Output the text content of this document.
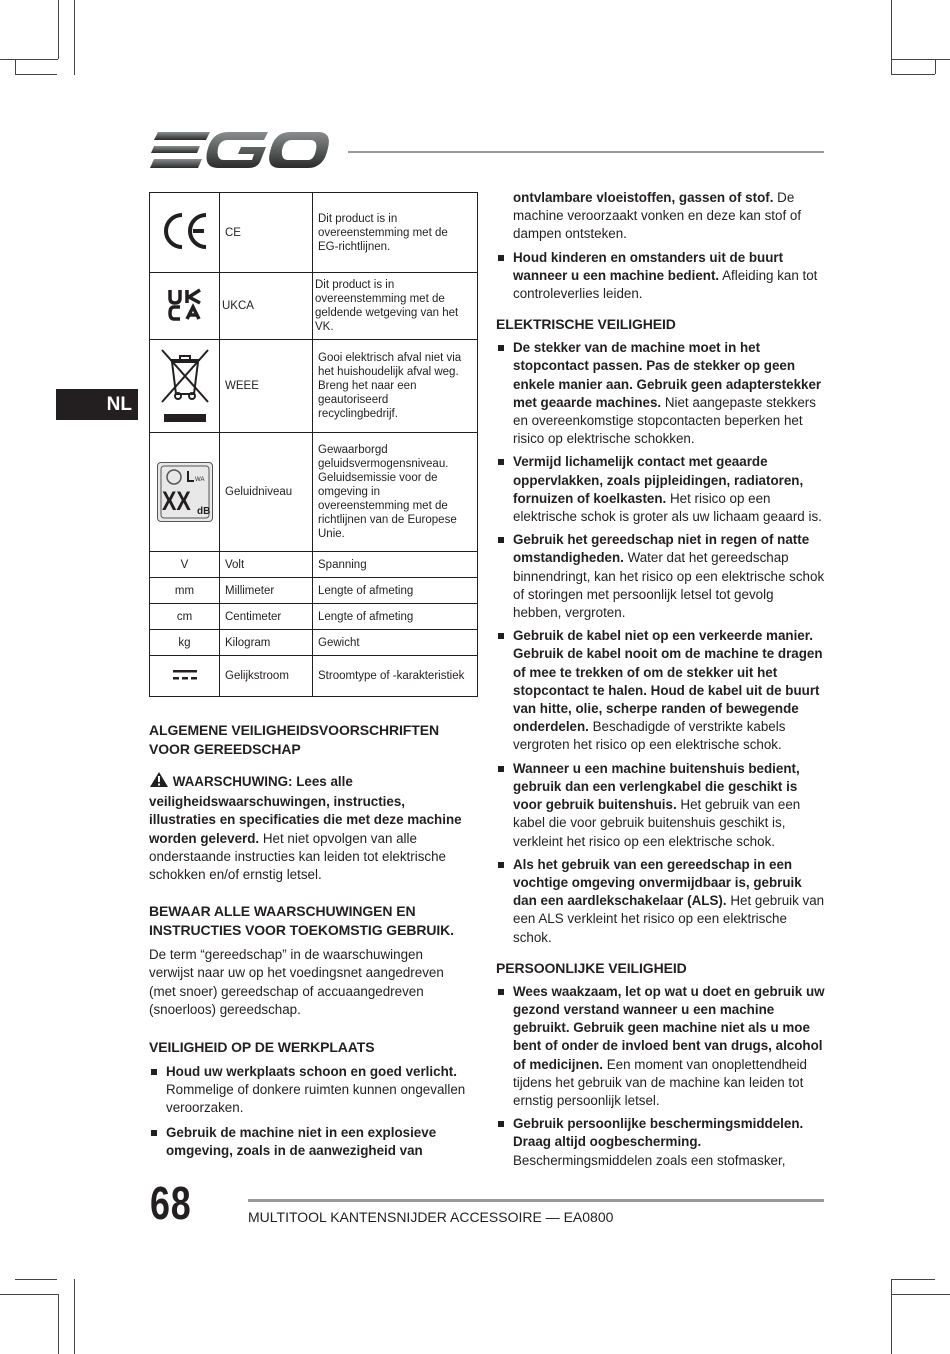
NL
	CE	Dit product is in overeenstemming met de EG-richtlijnen.
	UKCA	Dit product is in overeenstemming met de geldende wetgeving van het VK.
	WEEE	Gooi elektrisch afval niet via het huishoudelijk afval weg. Breng het naar een geautoriseerd recyclingbedrijf.

WA
dB
XX	Geluidniveau	Gewaarborgd geluidsvermogensniveau. Geluidsemissie voor de omgeving in overeenstemming met de richtlijnen van de Europese Unie.
V	Volt	Spanning
mm	Millimeter	Lengte of afmeting
cm	Centimeter	Lengte of afmeting
kg	Kilogram	Gewicht
	Gelijkstroom	Stroomtype of -karakteristiek
ALGEMENE VEILIGHEIDSVOORSCHRIFTEN VOOR GEREEDSCHAP

WAARSCHUWING: Lees alle veiligheidswaarschuwingen, instructies, illustraties en specificaties die met deze machine worden geleverd. Het niet opvolgen van alle onderstaande instructies kan leiden tot elektrische schokken en/of ernstig letsel.

BEWAAR ALLE WAARSCHUWINGEN EN INSTRUCTIES VOOR TOEKOMSTIG GEBRUIK.

De term “gereedschap” in de waarschuwingen verwijst naar uw op het voedingsnet aangedreven (met snoer) gereedschap of accuaangedreven (snoerloos) gereedschap.

VEILIGHEID OP DE WERKPLAATS
Houd uw werkplaats schoon en goed verlicht. Rommelige of donkere ruimten kunnen ongevallen veroorzaken.
Gebruik de machine niet in een explosieve omgeving, zoals in de aanwezigheid van

ontvlambare vloeistoffen, gassen of stof. De machine veroorzaakt vonken en deze kan stof of dampen ontsteken.

Houd kinderen en omstanders uit de buurt wanneer u een machine bedient. Afleiding kan tot controleverlies leiden.
ELEKTRISCHE VEILIGHEID
De stekker van de machine moet in het stopcontact passen. Pas de stekker op geen enkele manier aan. Gebruik geen adapterstekker met geaarde machines. Niet aangepaste stekkers en overeenkomstige stopcontacten beperken het risico op elektrische schokken.
Vermijd lichamelijk contact met geaarde oppervlakken, zoals pijpleidingen, radiatoren, fornuizen of koelkasten. Het risico op een elektrische schok is groter als uw lichaam geaard is.
Gebruik het gereedschap niet in regen of natte omstandigheden. Water dat het gereedschap binnendringt, kan het risico op een elektrische schok of storingen met persoonlijk letsel tot gevolg hebben, vergroten.
Gebruik de kabel niet op een verkeerde manier. Gebruik de kabel nooit om de machine te dragen of mee te trekken of om de stekker uit het stopcontact te halen. Houd de kabel uit de buurt van hitte, olie, scherpe randen of bewegende onderdelen. Beschadigde of verstrikte kabels vergroten het risico op een elektrische schok.
Wanneer u een machine buitenshuis bedient, gebruik dan een verlengkabel die geschikt is voor gebruik buitenshuis. Het gebruik van een kabel die voor gebruik buitenshuis geschikt is, verkleint het risico op een elektrische schok.
Als het gebruik van een gereedschap in een vochtige omgeving onvermijdbaar is, gebruik dan een aardlekschakelaar (ALS). Het gebruik van een ALS verkleint het risico op een elektrische schok.
PERSOONLIJKE VEILIGHEID
Wees waakzaam, let op wat u doet en gebruik uw gezond verstand wanneer u een machine gebruikt. Gebruik geen machine niet als u moe bent of onder de invloed bent van drugs, alcohol of medicijnen. Een moment van onoplettendheid tijdens het gebruik van de machine kan leiden tot ernstig persoonlijk letsel.
Gebruik persoonlijke beschermingsmiddelen. Draag altijd oogbescherming. Beschermingsmiddelen zoals een stofmasker,
68	MULTITOOL KANTENSNIJDER ACCESSOIRE — EA0800
